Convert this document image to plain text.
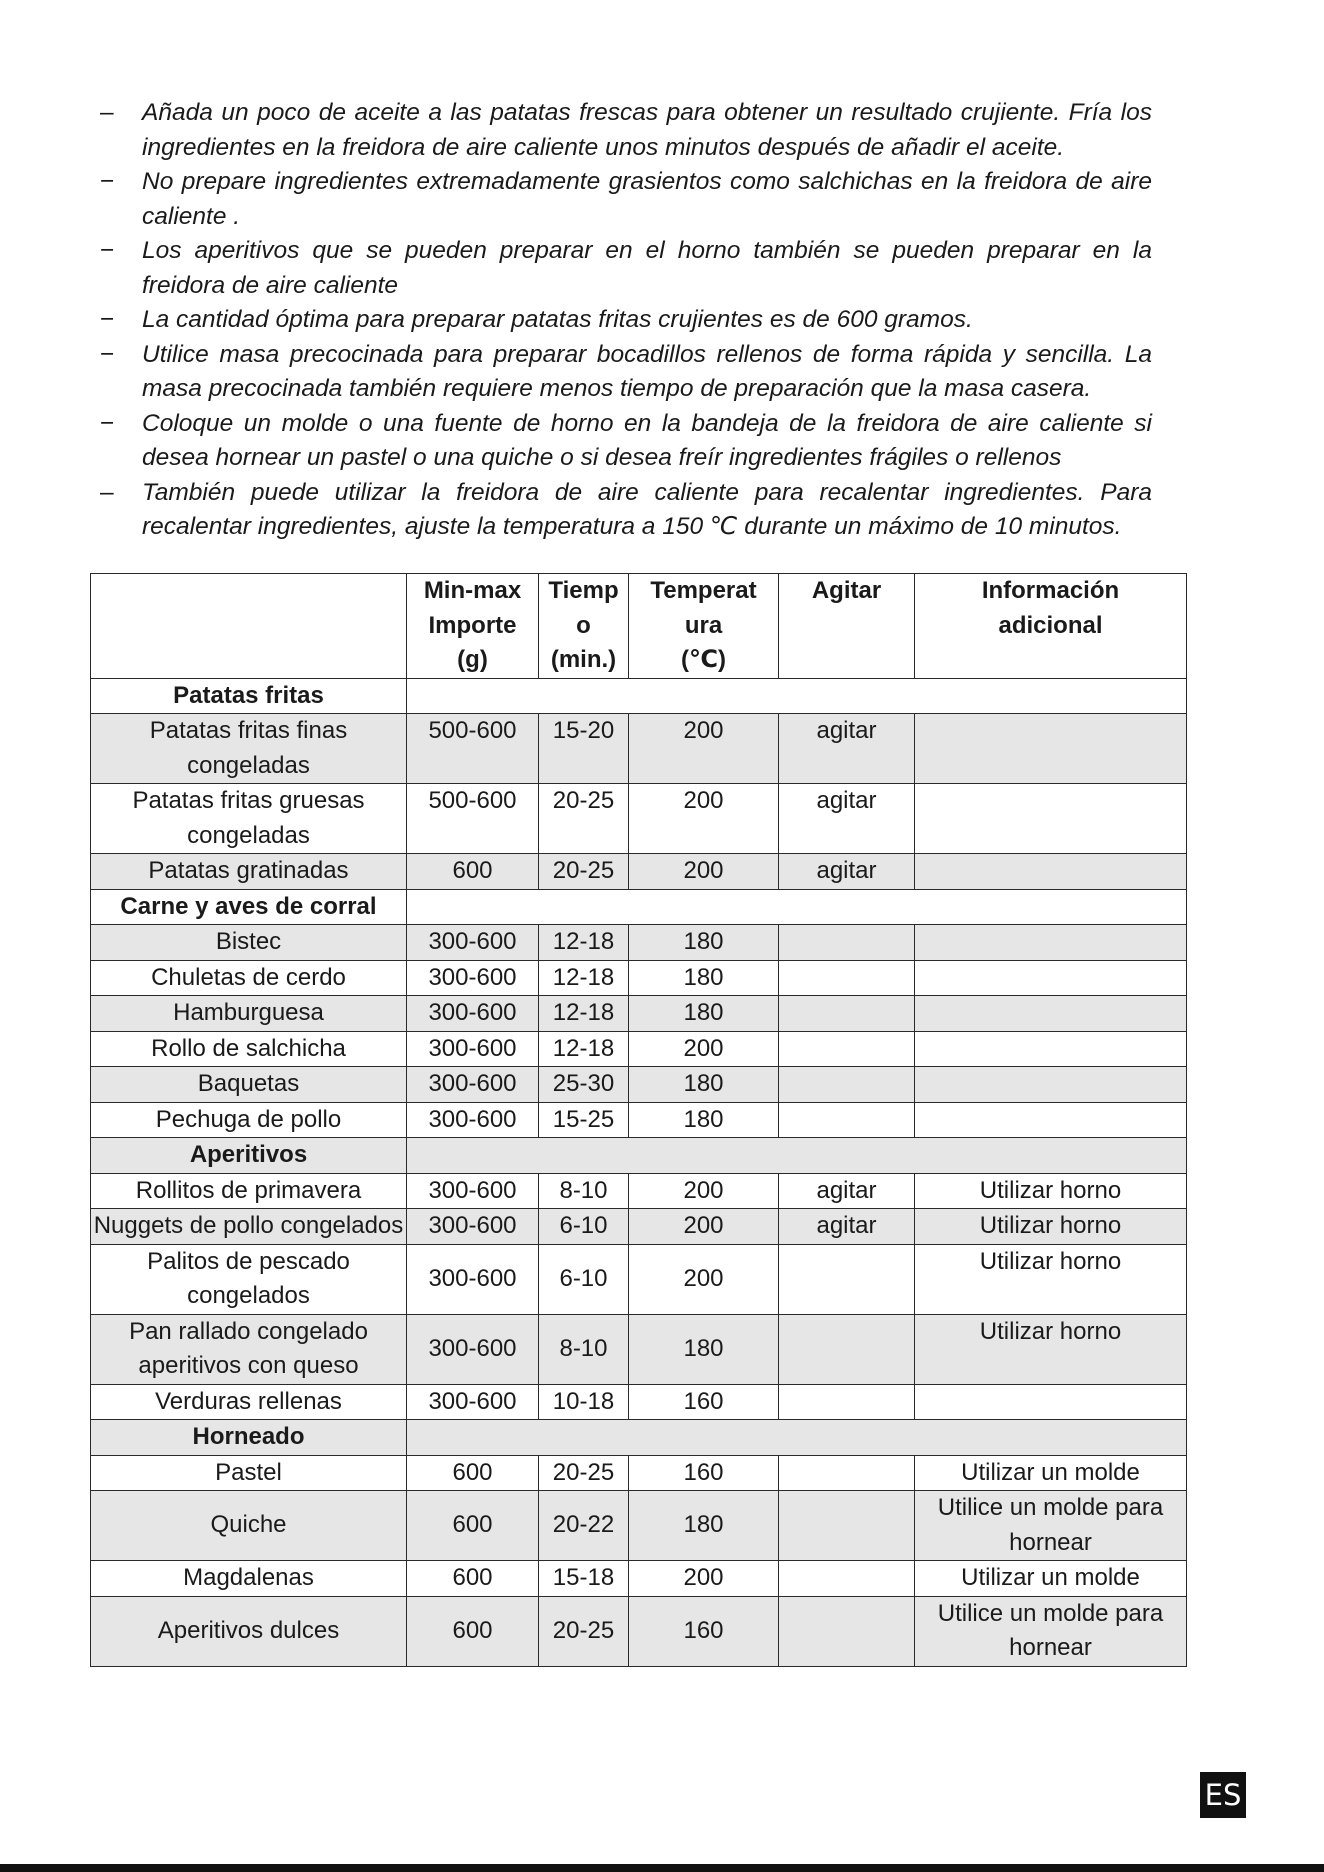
– Añada un poco de aceite a las patatas frescas para obtener un resultado crujiente. Fría los ingredientes en la freidora de aire caliente unos minutos después de añadir el aceite.
− No prepare ingredientes extremadamente grasientos como salchichas en la freidora de aire caliente .
− Los aperitivos que se pueden preparar en el horno también se pueden preparar en la freidora de aire caliente
− La cantidad óptima para preparar patatas fritas crujientes es de 600 gramos.
− Utilice masa precocinada para preparar bocadillos rellenos de forma rápida y sencilla. La masa precocinada también requiere menos tiempo de preparación que la masa casera.
− Coloque un molde o una fuente de horno en la bandeja de la freidora de aire caliente si desea hornear un pastel o una quiche o si desea freír ingredientes frágiles o rellenos
– También puede utilizar la freidora de aire caliente para recalentar ingredientes. Para recalentar ingredientes, ajuste la temperatura a 150 ℃ durante un máximo de 10 minutos.
	Min-max
Importe
(g)	Tiemp
o
(min.)	Temperat
ura
(℃)	Agitar	Información
adicional
Patatas fritas					
Patatas fritas finas congeladas	500-600	15-20	200	agitar	
Patatas fritas gruesas congeladas	500-600	20-25	200	agitar	
Patatas gratinadas	600	20-25	200	agitar	
Carne y aves de corral					
Bistec	300-600	12-18	180		
Chuletas de cerdo	300-600	12-18	180		
Hamburguesa	300-600	12-18	180		
Rollo de salchicha	300-600	12-18	200		
Baquetas	300-600	25-30	180		
Pechuga de pollo	300-600	15-25	180		
Aperitivos					
Rollitos de primavera	300-600	8-10	200	agitar	Utilizar horno
Nuggets de pollo congelados	300-600	6-10	200	agitar	Utilizar horno
Palitos de pescado congelados	300-600	6-10	200		Utilizar horno
Pan rallado congelado aperitivos con queso	300-600	8-10	180		Utilizar horno
Verduras rellenas	300-600	10-18	160		
Horneado					
Pastel	600	20-25	160		Utilizar un molde
Quiche	600	20-22	180		Utilice un molde para hornear
Magdalenas	600	15-18	200		Utilizar un molde
Aperitivos dulces	600	20-25	160		Utilice un molde para hornear
ES
